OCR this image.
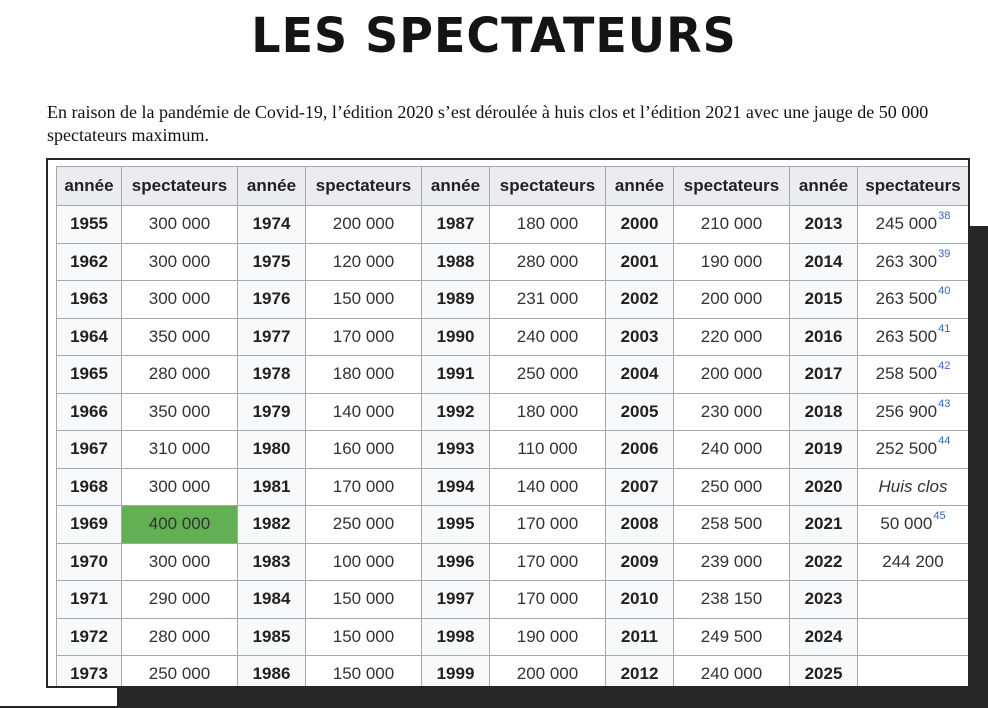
LES SPECTATEURS
En raison de la pandémie de Covid-19, l’édition 2020 s’est déroulée à huis clos et l’édition 2021 avec une jauge de 50 000 spectateurs maximum.
année	spectateurs	année	spectateurs	année	spectateurs	année	spectateurs	année	spectateurs
1955	300 000	1974	200 000	1987	180 000	2000	210 000	2013	245 000$^{38}$
1962	300 000	1975	120 000	1988	280 000	2001	190 000	2014	263 300$^{39}$
1963	300 000	1976	150 000	1989	231 000	2002	200 000	2015	263 500$^{40}$
1964	350 000	1977	170 000	1990	240 000	2003	220 000	2016	263 500$^{41}$
1965	280 000	1978	180 000	1991	250 000	2004	200 000	2017	258 500$^{42}$
1966	350 000	1979	140 000	1992	180 000	2005	230 000	2018	256 900$^{43}$
1967	310 000	1980	160 000	1993	110 000	2006	240 000	2019	252 500$^{44}$
1968	300 000	1981	170 000	1994	140 000	2007	250 000	2020	Huis clos
1969	400 000	1982	250 000	1995	170 000	2008	258 500	2021	50 000$^{45}$
1970	300 000	1983	100 000	1996	170 000	2009	239 000	2022	244 200
1971	290 000	1984	150 000	1997	170 000	2010	238 150	2023	
1972	280 000	1985	150 000	1998	190 000	2011	249 500	2024	
1973	250 000	1986	150 000	1999	200 000	2012	240 000	2025	
